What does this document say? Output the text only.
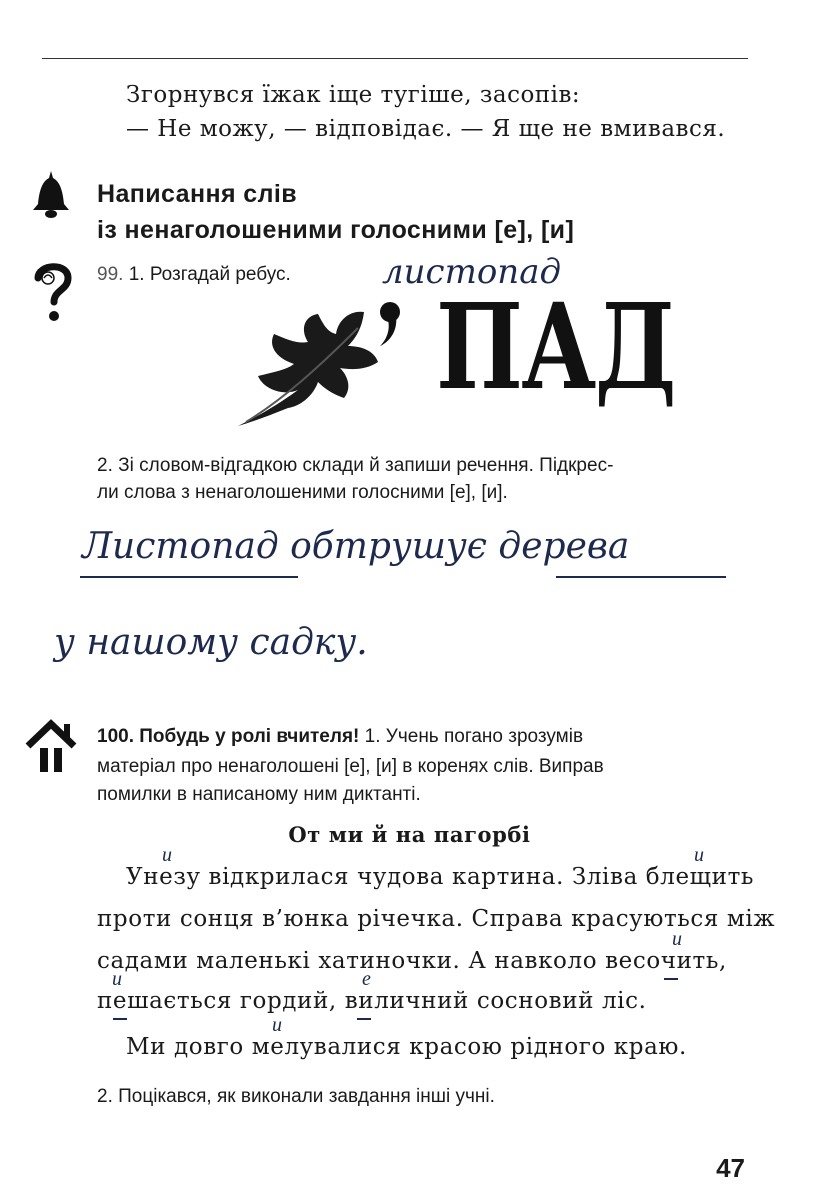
Згорнувся їжак іще тугіше, засопів:
— Не можу, — відповідає. — Я ще не вмивався.
Написання слів
із ненаголошеними голосними [е], [и]
99. 1. Розгадай ребус.	листопад
ПАД
2. Зі словом-відгадкою склади й запиши речення. Підкрес-
ли слова з ненаголошеними голосними [е], [и].
Листопад обтрушує дерева
у нашому садку.
100. Побудь у ролі вчителя! 1. Учень погано зрозумів
матеріал про ненаголошені [е], [и] в коренях слів. Виправ
помилки в написаному ним диктанті.
От ми й на пагорбі
Унезу відкрилася чудова картина. Зліва блещить
проти сонця в’юнка річечка. Справа красуються між
садами маленькі хатиночки. А навколо весочить,
пешається гордий, виличний сосновий ліс.
Ми довго мелувалися красою рідного краю.
и	и
и
и	е
и
2. Поцікався, як виконали завдання інші учні.
47
